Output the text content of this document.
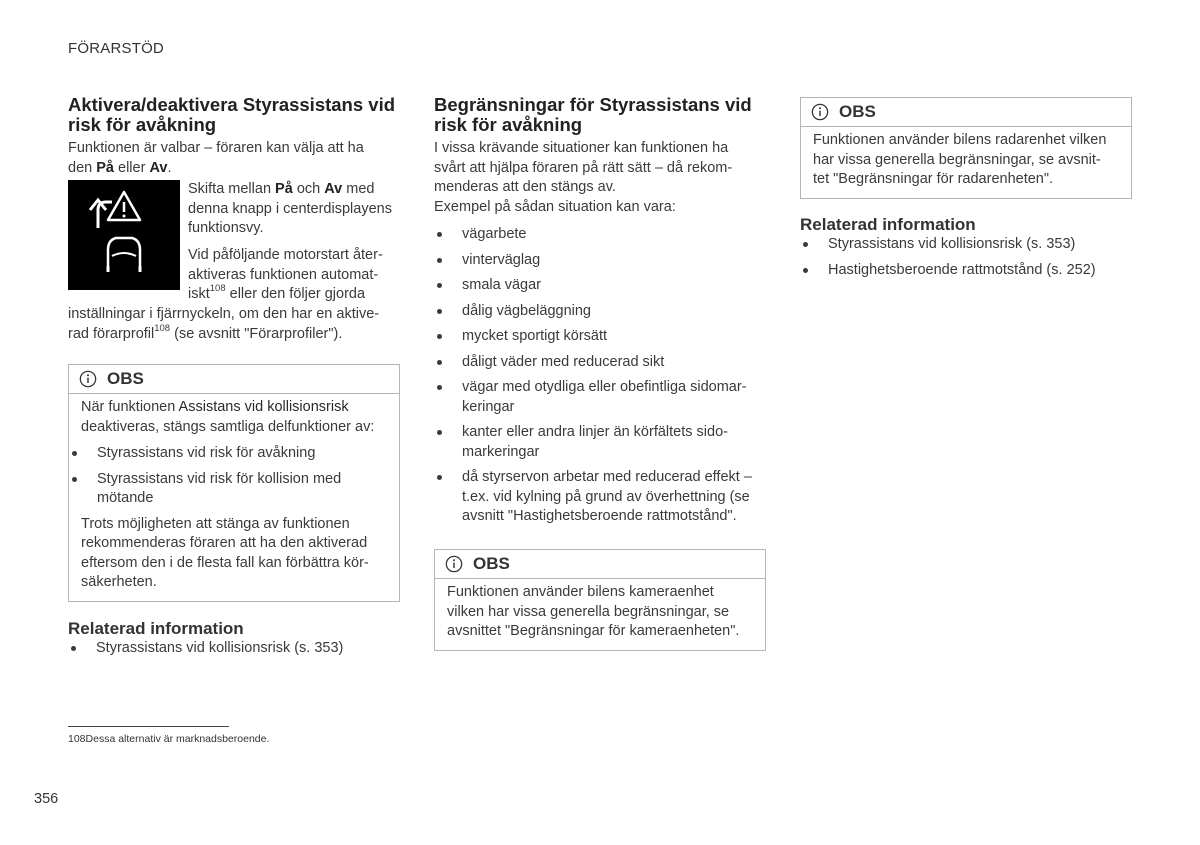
FÖRARSTÖD
Aktivera/deaktivera Styrassistans vid risk för avåkning

Funktionen är valbar – föraren kan välja att ha
den På eller Av.

Skifta mellan På och Av med
denna knapp i centerdisplayens
funktionsvy.
Vid påföljande motorstart åter-
aktiveras funktionen automat-
iskt$^{108}$ eller den följer gjorda
inställningar i fjärrnyckeln, om den har en aktive-
rad förarprofil$^{108}$ (se avsnitt "Förarprofiler").
OBS
När funktionen Assistans vid kollisionsrisk
deaktiveras, stängs samtliga delfunktioner av:
Styrassistans vid risk för avåkning
Styrassistans vid risk för kollision med
mötande
Trots möjligheten att stänga av funktionen
rekommenderas föraren att ha den aktiverad
eftersom den i de flesta fall kan förbättra kör-
säkerheten.
Relaterad information
Styrassistans vid kollisionsrisk (s. 353)
Begränsningar för Styrassistans vid
risk för avåkning

I vissa krävande situationer kan funktionen ha
svårt att hjälpa föraren på rätt sätt – då rekom-
menderas att den stängs av.

Exempel på sådan situation kan vara:

vägarbete
vinterväglag
smala vägar
dålig vägbeläggning
mycket sportigt körsätt
dåligt väder med reducerad sikt
vägar med otydliga eller obefintliga sidomar-
keringar
kanter eller andra linjer än körfältets sido-
markeringar
då styrservon arbetar med reducerad effekt –
t.ex. vid kylning på grund av överhettning (se
avsnitt "Hastighetsberoende rattmotstånd".
OBS
Funktionen använder bilens kameraenhet
vilken har vissa generella begränsningar, se
avsnittet "Begränsningar för kameraenheten".
OBS
Funktionen använder bilens radarenhet vilken
har vissa generella begränsningar, se avsnit-
tet "Begränsningar för radarenheten".
Relaterad information
Styrassistans vid kollisionsrisk (s. 353)
Hastighetsberoende rattmotstånd (s. 252)
108Dessa alternativ är marknadsberoende.
356
